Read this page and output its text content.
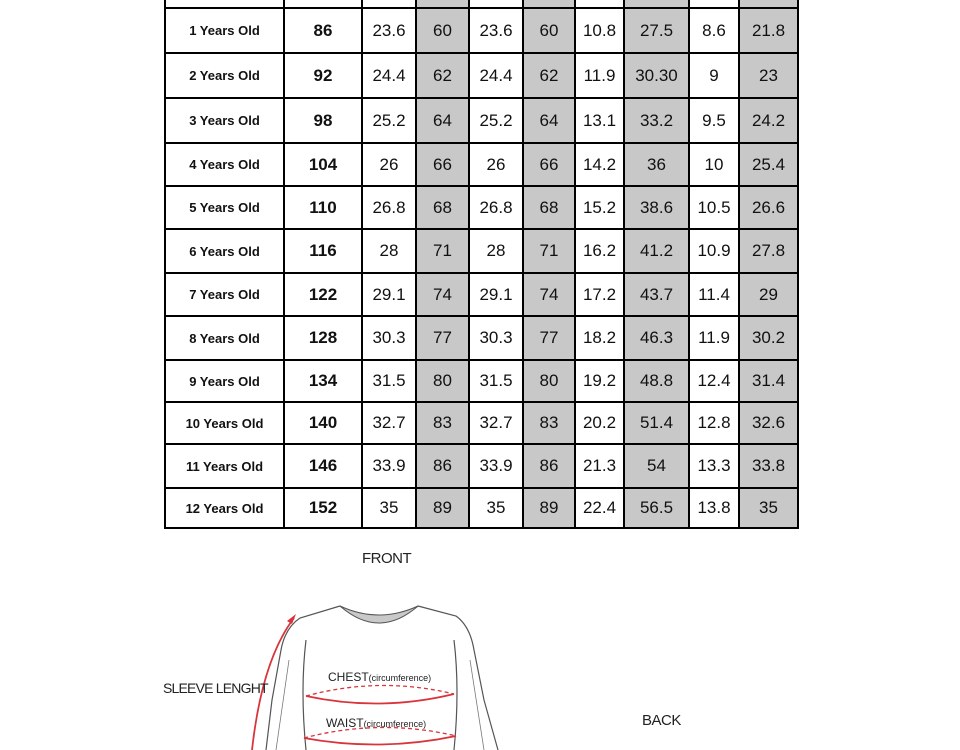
1 Years Old	86	23.6	60	23.6	60	10.8	27.5	8.6	21.8
2 Years Old	92	24.4	62	24.4	62	11.9	30.30	9	23
3 Years Old	98	25.2	64	25.2	64	13.1	33.2	9.5	24.2
4 Years Old	104	26	66	26	66	14.2	36	10	25.4
5 Years Old	110	26.8	68	26.8	68	15.2	38.6	10.5	26.6
6 Years Old	116	28	71	28	71	16.2	41.2	10.9	27.8
7 Years Old	122	29.1	74	29.1	74	17.2	43.7	11.4	29
8 Years Old	128	30.3	77	30.3	77	18.2	46.3	11.9	30.2
9 Years Old	134	31.5	80	31.5	80	19.2	48.8	12.4	31.4
10 Years Old	140	32.7	83	32.7	83	20.2	51.4	12.8	32.6
11 Years Old	146	33.9	86	33.9	86	21.3	54	13.3	33.8
12 Years Old	152	35	89	35	89	22.4	56.5	13.8	35
CHEST(circumference)
WAIST(circumference)
FRONT
BACK
SLEEVE LENGHT
